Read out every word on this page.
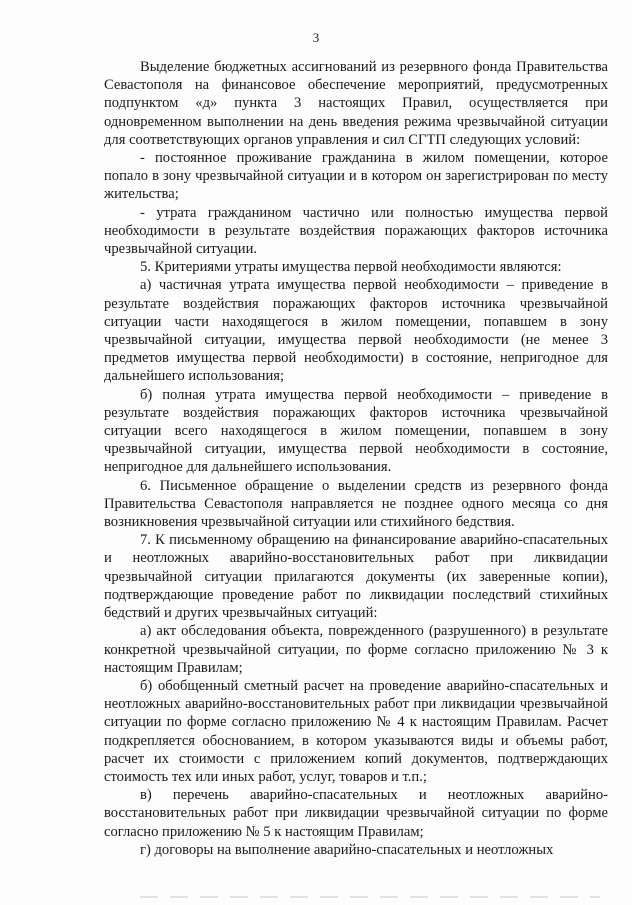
3

Выделение бюджетных ассигнований из резервного фонда Правительства Севастополя на финансовое обеспечение мероприятий, предусмотренных подпунктом «д» пункта 3 настоящих Правил, осуществляется при одновременном выполнении на день введения режима чрезвычайной ситуации для соответствующих органов управления и сил СГТП следующих условий:

- постоянное проживание гражданина в жилом помещении, которое попало в зону чрезвычайной ситуации и в котором он зарегистрирован по месту жительства;

- утрата гражданином частично или полностью имущества первой необходимости в результате воздействия поражающих факторов источника чрезвычайной ситуации.

5. Критериями утраты имущества первой необходимости являются:

а) частичная утрата имущества первой необходимости – приведение в результате воздействия поражающих факторов источника чрезвычайной ситуации части находящегося в жилом помещении, попавшем в зону чрезвычайной ситуации, имущества первой необходимости (не менее 3 предметов имущества первой необходимости) в состояние, непригодное для дальнейшего использования;

б) полная утрата имущества первой необходимости – приведение в результате воздействия поражающих факторов источника чрезвычайной ситуации всего находящегося в жилом помещении, попавшем в зону чрезвычайной ситуации, имущества первой необходимости в состояние, непригодное для дальнейшего использования.

6. Письменное обращение о выделении средств из резервного фонда Правительства Севастополя направляется не позднее одного месяца со дня возникновения чрезвычайной ситуации или стихийного бедствия.

7. К письменному обращению на финансирование аварийно-спасательных и неотложных аварийно-восстановительных работ при ликвидации чрезвычайной ситуации прилагаются документы (их заверенные копии), подтверждающие проведение работ по ликвидации последствий стихийных бедствий и других чрезвычайных ситуаций:

а) акт обследования объекта, поврежденного (разрушенного) в результате конкретной чрезвычайной ситуации, по форме согласно приложению № 3 к настоящим Правилам;

б) обобщенный сметный расчет на проведение аварийно-спасательных и неотложных аварийно-восстановительных работ при ликвидации чрезвычайной ситуации по форме согласно приложению № 4 к настоящим Правилам. Расчет подкрепляется обоснованием, в котором указываются виды и объемы работ, расчет их стоимости с приложением копий документов, подтверждающих стоимость тех или иных работ, услуг, товаров и т.п.;

в) перечень аварийно-спасательных и неотложных аварийно-восстановительных работ при ликвидации чрезвычайной ситуации по форме согласно приложению № 5 к настоящим Правилам;

г) договоры на выполнение аварийно-спасательных и неотложных
